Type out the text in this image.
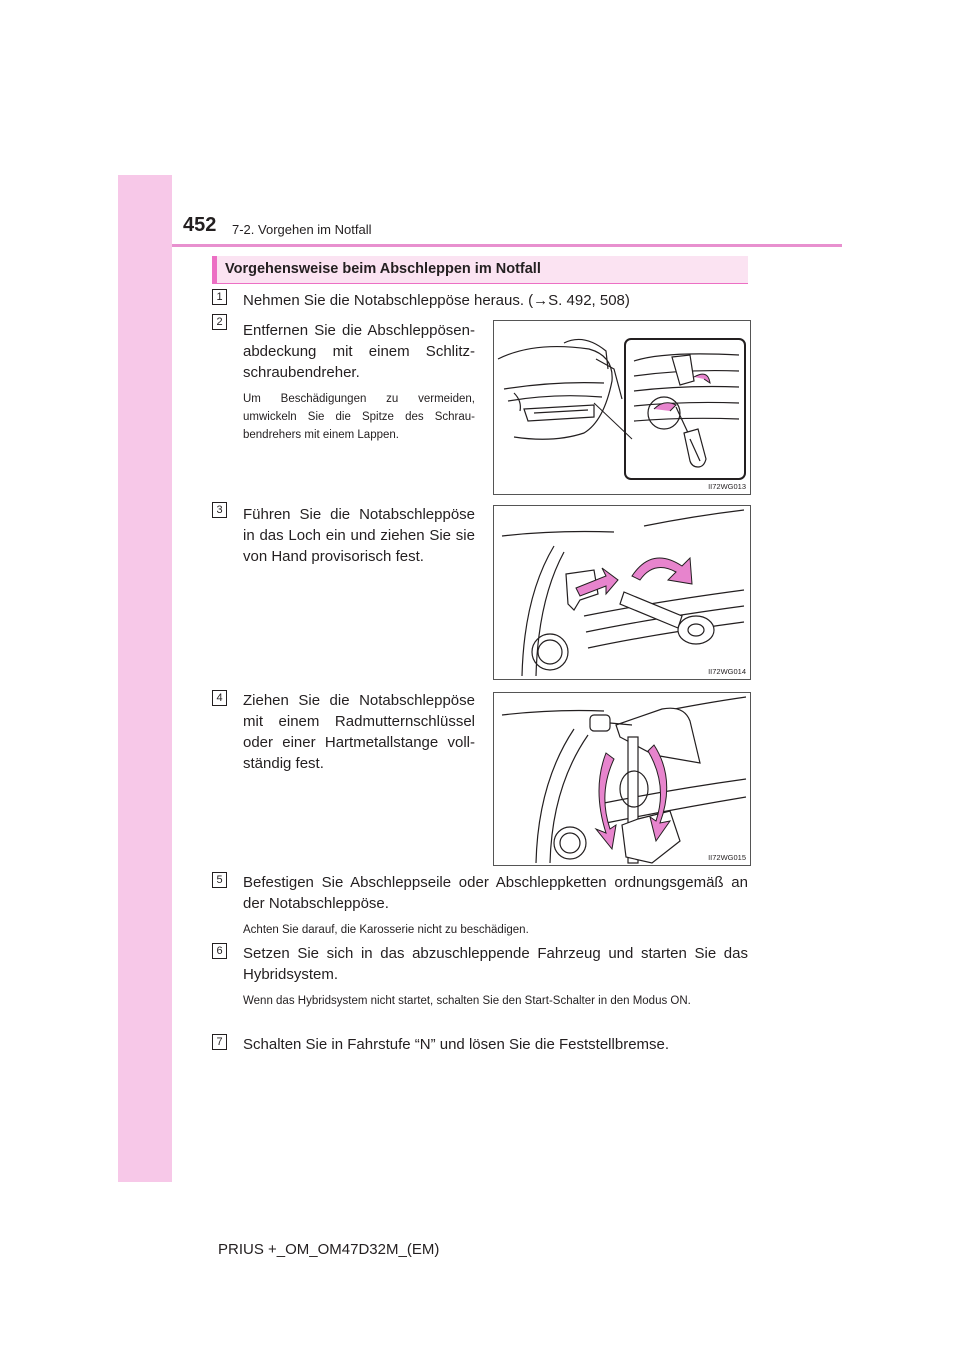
452 7-2. Vorgehen im Notfall
Vorgehensweise beim Abschleppen im Notfall
1 Nehmen Sie die Notabschleppöse heraus. (→S. 492, 508)
2 Entfernen Sie die Abschleppösen-abdeckung mit einem Schlitz-schraubendreher.
Um Beschädigungen zu vermeiden, umwickeln Sie die Spitze des Schrau-bendrehers mit einem Lappen.
II72WG013
3 Führen Sie die Notabschleppöse in das Loch ein und ziehen Sie sie von Hand provisorisch fest.
II72WG014
4 Ziehen Sie die Notabschleppöse mit einem Radmutternschlüssel oder einer Hartmetallstange voll-ständig fest.
II72WG015
5 Befestigen Sie Abschleppseile oder Abschleppketten ordnungsgemäß an der Notabschleppöse.
Achten Sie darauf, die Karosserie nicht zu beschädigen.
6 Setzen Sie sich in das abzuschleppende Fahrzeug und starten Sie das Hybridsystem.
Wenn das Hybridsystem nicht startet, schalten Sie den Start-Schalter in den Modus ON.
7 Schalten Sie in Fahrstufe “N” und lösen Sie die Feststellbremse.
PRIUS +_OM_OM47D32M_(EM)
